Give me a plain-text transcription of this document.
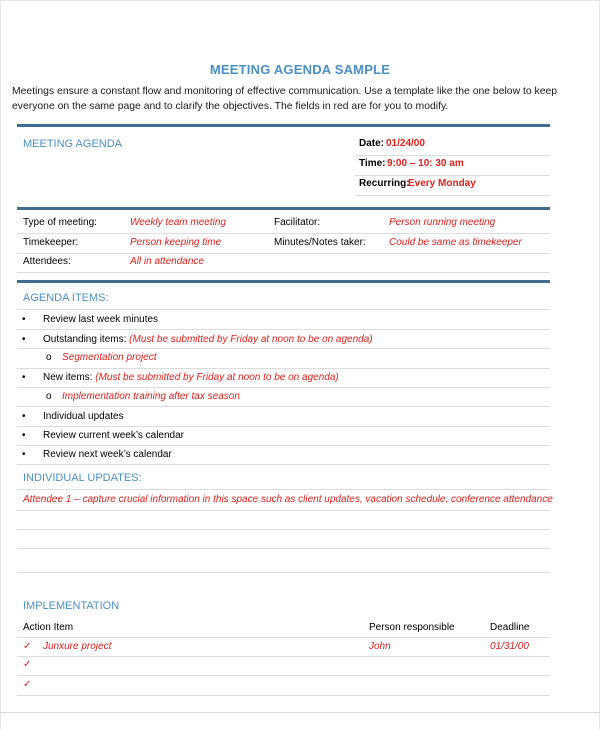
MEETING AGENDA SAMPLE
Meetings ensure a constant flow and monitoring of effective communication. Use a template like the one below to keep everyone on the same page and to clarify the objectives. The fields in red are for you to modify.
MEETING AGENDA	Date: 01/24/00
Time: 9:00 – 10: 30 am
Recurring:
Every Monday
Type of meeting:	Weekly team meeting	Facilitator:	Person running meeting
Timekeeper:	Person keeping time	Minutes/Notes taker: Could be same as timekeeper
Attendees:	All in attendance
AGENDA ITEMS:
• Review last week minutes
• Outstanding items: (Must be submitted by Friday at noon to be on agenda)
o Segmentation project
• New items: (Must be submitted by Friday at noon to be on agenda)
o Implementation training after tax season
• Individual updates
• Review current week’s calendar
• Review next week’s calendar
INDIVIDUAL UPDATES:
Attendee 1 – capture crucial information in this space such as client updates, vacation schedule, conference attendance
IMPLEMENTATION
Action Item	Person responsible	Deadline
✓ Junxure project	John	01/31/00
✓
✓
